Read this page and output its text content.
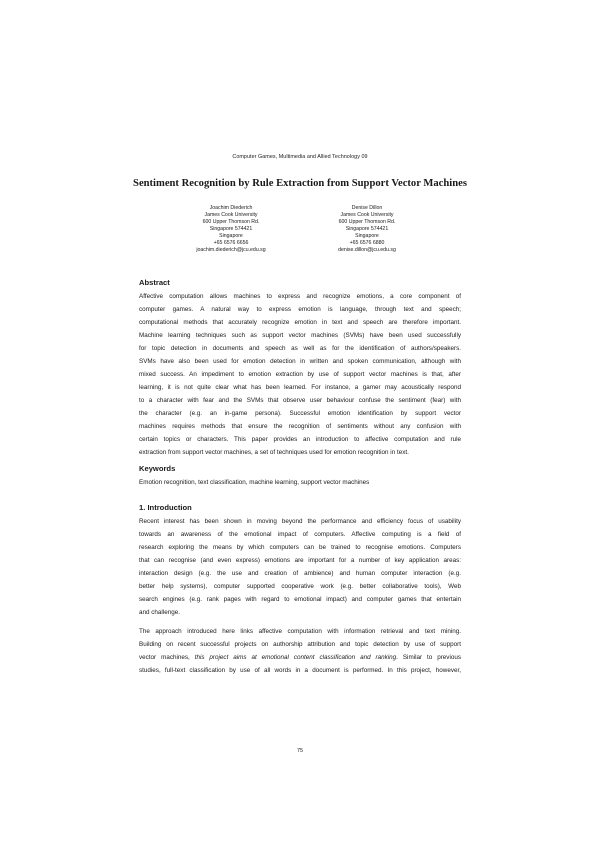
Computer Games, Multimedia and Allied Technology 09
Sentiment Recognition by Rule Extraction from Support Vector Machines
Joachim Diederich
James Cook University
600 Upper Thomson Rd.
Singapore 574421
Singapore
+65 6576 6656
joachim.diederich@jcu.edu.sg
Denise Dillon
James Cook University
600 Upper Thomson Rd.
Singapore 574421
Singapore
+65 6576 6880
denise.dillon@jcu.edu.sg
Abstract
Affective computation allows machines to express and recognize emotions, a core component of
computer games. A natural way to express emotion is language, through text and speech;
computational methods that accurately recognize emotion in text and speech are therefore important.
Machine learning techniques such as support vector machines (SVMs) have been used successfully
for topic detection in documents and speech as well as for the identification of authors/speakers.
SVMs have also been used for emotion detection in written and spoken communication, although with
mixed success. An impediment to emotion extraction by use of support vector machines is that, after
learning, it is not quite clear what has been learned. For instance, a gamer may acoustically respond
to a character with fear and the SVMs that observe user behaviour confuse the sentiment (fear) with
the character (e.g. an in-game persona). Successful emotion identification by support vector
machines requires methods that ensure the recognition of sentiments without any confusion with
certain topics or characters. This paper provides an introduction to affective computation and rule
extraction from support vector machines, a set of techniques used for emotion recognition in text.
Keywords
Emotion recognition, text classification, machine learning, support vector machines
1. Introduction
Recent interest has been shown in moving beyond the performance and efficiency focus of usability
towards an awareness of the emotional impact of computers. Affective computing is a field of
research exploring the means by which computers can be trained to recognise emotions. Computers
that can recognise (and even express) emotions are important for a number of key application areas:
interaction design (e.g. the use and creation of ambience) and human computer interaction (e.g.
better help systems), computer supported cooperative work (e.g. better collaborative tools), Web
search engines (e.g. rank pages with regard to emotional impact) and computer games that entertain
and challenge.
The approach introduced here links affective computation with information retrieval and text mining.
Building on recent successful projects on authorship attribution and topic detection by use of support
vector machines, this project aims at emotional content classification and ranking. Similar to previous
studies, full-text classification by use of all words in a document is performed. In this project, however,
75
